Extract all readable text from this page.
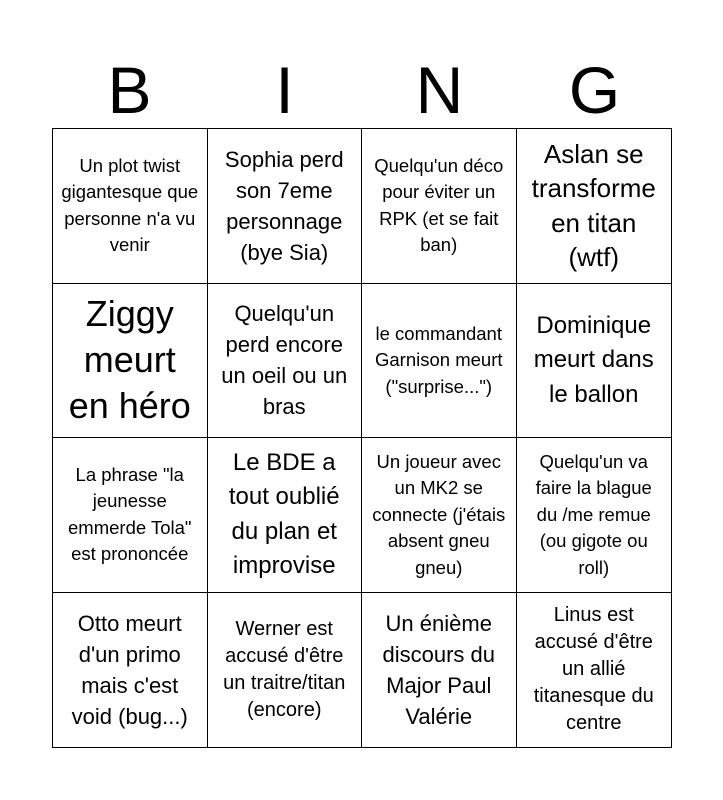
B	I	N	G
Un plot twist gigantesque que personne n'a vu venir
Sophia perd son 7eme personnage (bye Sia)
Quelqu'un déco pour éviter un RPK (et se fait ban)
Aslan se transforme en titan (wtf)
Ziggy meurt en héro
Quelqu'un perd encore un oeil ou un bras
le commandant Garnison meurt ("surprise...")
Dominique meurt dans le ballon
La phrase "la jeunesse emmerde Tola" est prononcée
Le BDE a tout oublié du plan et improvise
Un joueur avec un MK2 se connecte (j'étais absent gneu gneu)
Quelqu'un va faire la blague du /me remue (ou gigote ou roll)
Otto meurt d'un primo mais c'est void (bug...)
Werner est accusé d'être un traitre/titan (encore)
Un énième discours du Major Paul Valérie
Linus est accusé d'être un allié titanesque du centre
